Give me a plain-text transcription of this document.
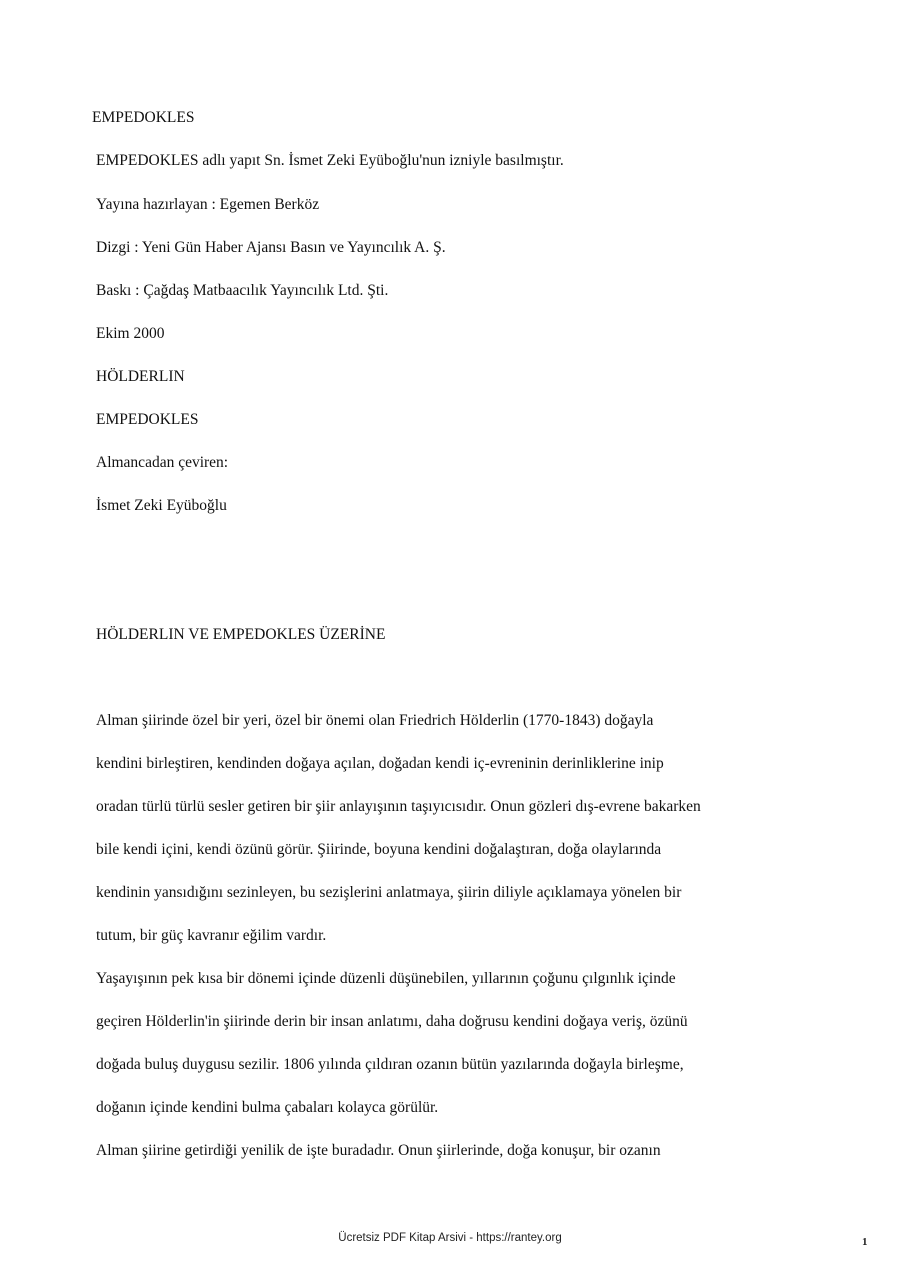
EMPEDOKLES
EMPEDOKLES adlı yapıt Sn. İsmet Zeki Eyüboğlu'nun izniyle basılmıştır.
Yayına hazırlayan : Egemen Berköz
Dizgi : Yeni Gün Haber Ajansı Basın ve Yayıncılık A. Ş.
Baskı : Çağdaş Matbaacılık Yayıncılık Ltd. Şti.
Ekim 2000
HÖLDERLIN
EMPEDOKLES
Almancadan çeviren:
İsmet Zeki Eyüboğlu
HÖLDERLIN VE EMPEDOKLES ÜZERİNE
Alman şiirinde özel bir yeri, özel bir önemi olan Friedrich Hölderlin (1770-1843) doğayla
kendini birleştiren, kendinden doğaya açılan, doğadan kendi iç-evreninin derinliklerine inip
oradan türlü türlü sesler getiren bir şiir anlayışının taşıyıcısıdır. Onun gözleri dış-evrene bakarken
bile kendi içini, kendi özünü görür. Şiirinde, boyuna kendini doğalaştıran, doğa olaylarında
kendinin yansıdığını sezinleyen, bu sezişlerini anlatmaya, şiirin diliyle açıklamaya yönelen bir
tutum, bir güç kavranır eğilim vardır.
Yaşayışının pek kısa bir dönemi içinde düzenli düşünebilen, yıllarının çoğunu çılgınlık içinde
geçiren Hölderlin'in şiirinde derin bir insan anlatımı, daha doğrusu kendini doğaya veriş, özünü
doğada buluş duygusu sezilir. 1806 yılında çıldıran ozanın bütün yazılarında doğayla birleşme,
doğanın içinde kendini bulma çabaları kolayca görülür.
Alman şiirine getirdiği yenilik de işte buradadır. Onun şiirlerinde, doğa konuşur, bir ozanın
Ücretsiz PDF Kitap Arsivi - https://rantey.org	1
